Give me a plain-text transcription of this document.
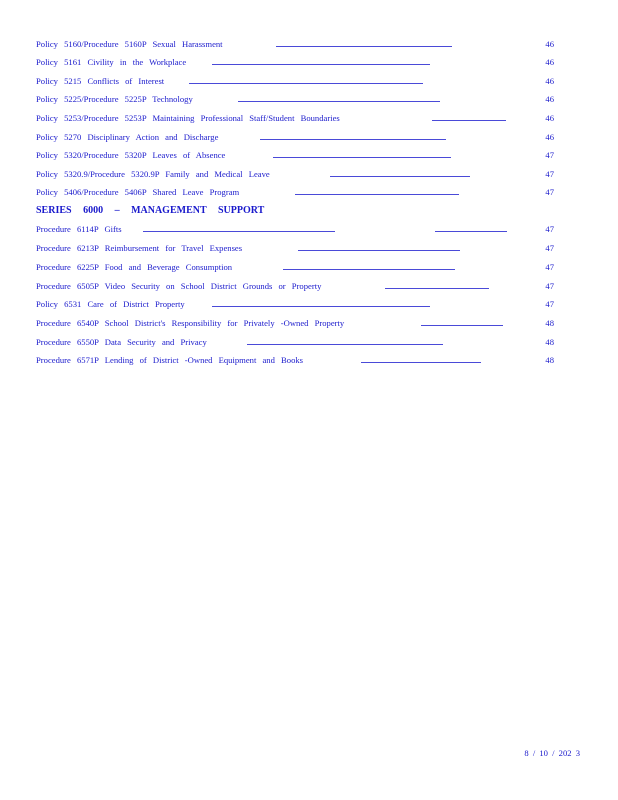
Policy 5160/Procedure 5160P Sexual Harassment	46
Policy 5161 Civility in the Workplace	46
Policy 5215 Conflicts of Interest	46
Policy 5225/Procedure 5225P Technology	46
Policy 5253/Procedure 5253P Maintaining Professional Staff/Student Boundaries	46
Policy 5270 Disciplinary Action and Discharge	46
Policy 5320/Procedure 5320P Leaves of Absence	47
Policy 5320.9/Procedure 5320.9P Family and Medical Leave	47
Policy 5406/Procedure 5406P Shared Leave Program	47
SERIES 6000 – MANAGEMENT SUPPORT
Procedure 6114P Gifts	47
Procedure 6213P Reimbursement for Travel Expenses	47
Procedure 6225P Food and Beverage Consumption	47
Procedure 6505P Video Security on School District Grounds or Property	47
Policy 6531 Care of District Property	47
Procedure 6540P School District's Responsibility for Privately -Owned Property	48
Procedure 6550P Data Security and Privacy	48
Procedure 6571P Lending of District -Owned Equipment and Books	48
8 / 10 / 202 3
